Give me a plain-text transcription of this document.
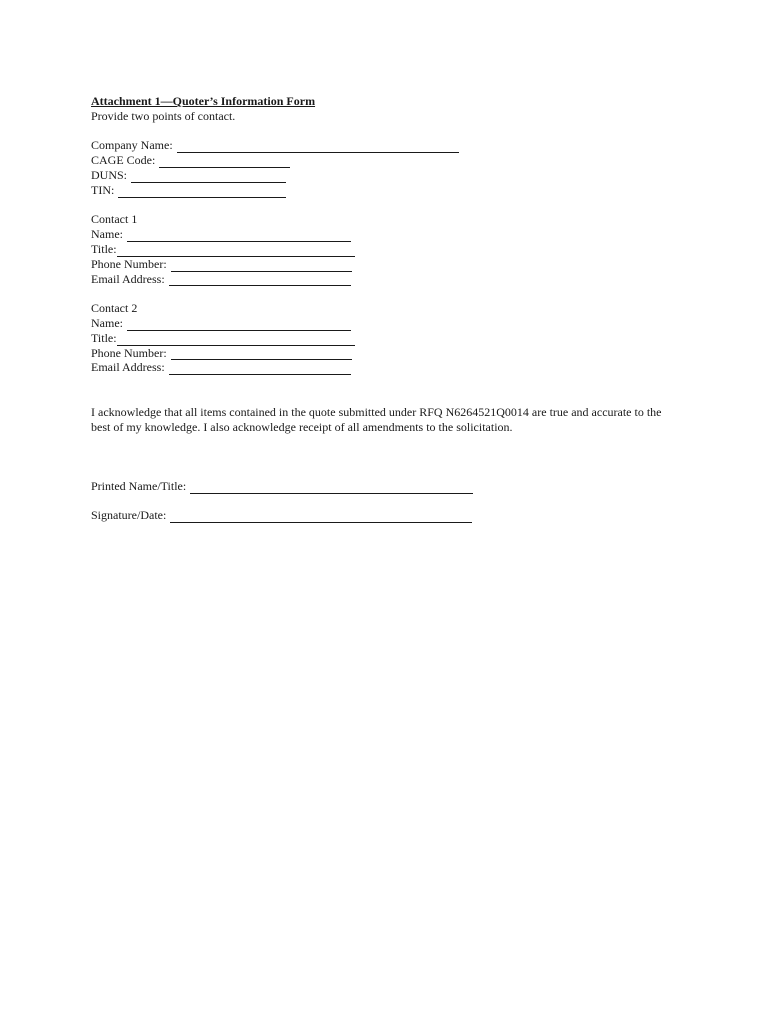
Attachment 1—Quoter’s Information Form

Provide two points of contact.

Company Name:
CAGE Code:
DUNS:
TIN:

Contact 1

Name:
Title:
Phone Number:
Email Address:

Contact 2

Name:
Title:
Phone Number:
Email Address:

I acknowledge that all items contained in the quote submitted under RFQ N6264521Q0014 are true and accurate to the best of my knowledge. I also acknowledge receipt of all amendments to the solicitation.

Printed Name/Title:
Signature/Date:
